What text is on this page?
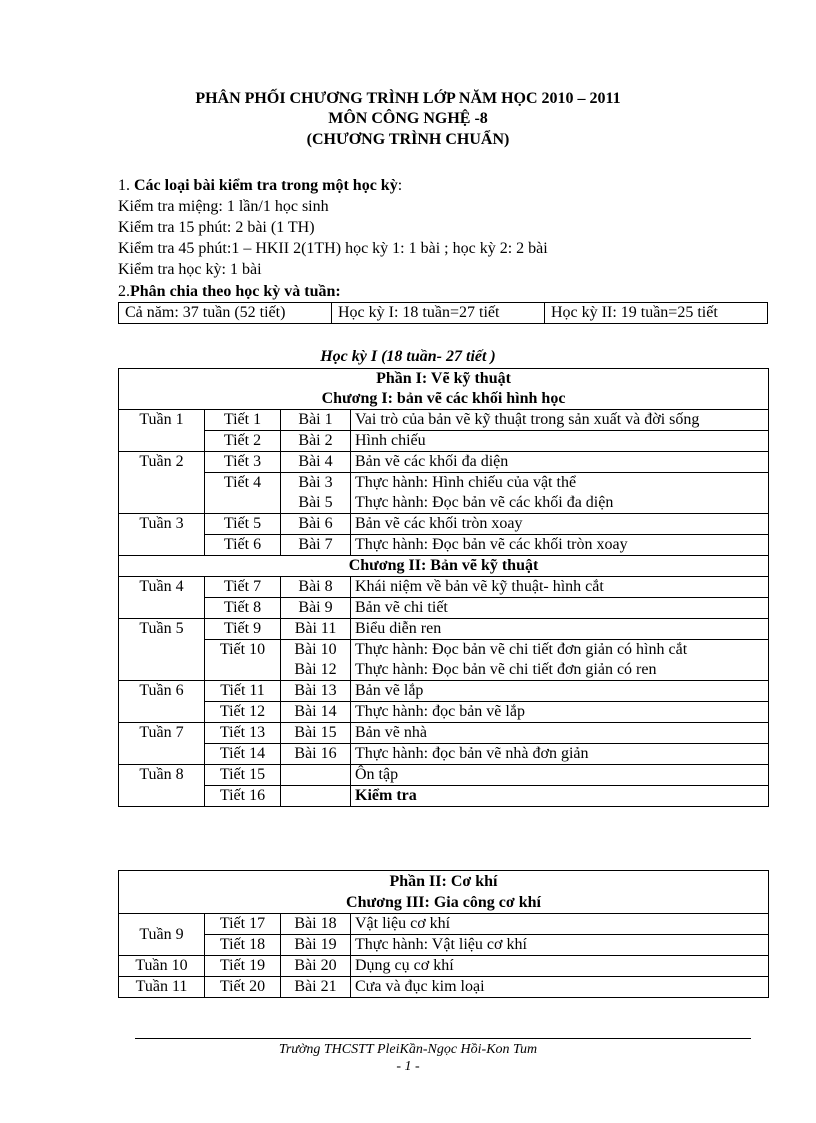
PHÂN PHỐI CHƯƠNG TRÌNH LỚP NĂM HỌC 2010 – 2011
MÔN CÔNG NGHỆ -8
(CHƯƠNG TRÌNH CHUẨN)
1. Các loại bài kiểm tra trong một học kỳ:
Kiểm tra miệng: 1 lần/1 học sinh
Kiểm tra 15 phút: 2 bài (1 TH)
Kiểm tra 45 phút:1 – HKII 2(1TH) học kỳ 1: 1 bài ; học kỳ 2: 2 bài
Kiểm tra học kỳ: 1 bài
2.Phân chia theo học kỳ và tuần:
Cả năm: 37 tuần (52 tiết)	Học kỳ I: 18 tuần=27 tiết	Học kỳ II: 19 tuần=25 tiết
Học kỳ I (18 tuần- 27 tiết )
Phần I: Vẽ kỹ thuật			
Chương I: bản vẽ các khối hình học			
Tuần 1	Tiết 1	Bài 1	Vai trò của bản vẽ kỹ thuật trong sản xuất và đời sống
	Tiết 2	Bài 2	Hình chiếu
Tuần 2	Tiết 3	Bài 4	Bản vẽ các khối đa diện
	Tiết 4	Bài 3	Thực hành: Hình chiếu của vật thể
		Bài 5	Thực hành: Đọc bản vẽ các khối đa diện
Tuần 3	Tiết 5	Bài 6	Bản vẽ các khối tròn xoay
	Tiết 6	Bài 7	Thực hành: Đọc bản vẽ các khối tròn xoay
Chương II: Bản vẽ kỹ thuật			
Tuần 4	Tiết 7	Bài 8	Khái niệm về bản vẽ kỹ thuật- hình cắt
	Tiết 8	Bài 9	Bản vẽ chi tiết
Tuần 5	Tiết 9	Bài 11	Biểu diễn ren
	Tiết 10	Bài 10	Thực hành: Đọc bản vẽ chi tiết đơn giản có hình cắt
		Bài 12	Thực hành: Đọc bản vẽ chi tiết đơn giản có ren
Tuần 6	Tiết 11	Bài 13	Bản vẽ lắp
	Tiết 12	Bài 14	Thực hành: đọc bản vẽ lắp
Tuần 7	Tiết 13	Bài 15	Bản vẽ nhà
	Tiết 14	Bài 16	Thực hành: đọc bản vẽ nhà đơn giản
Tuần 8	Tiết 15		Ôn tập
	Tiết 16		Kiểm tra
Phần II: Cơ khí			
Chương III: Gia công cơ khí			
Tuần 9	Tiết 17	Bài 18	Vật liệu cơ khí
	Tiết 18	Bài 19	Thực hành: Vật liệu cơ khí
Tuần 10	Tiết 19	Bài 20	Dụng cụ cơ khí
Tuần 11	Tiết 20	Bài 21	Cưa và đục kim loại
Trường THCSTT PleiKần-Ngọc Hồi-Kon Tum
- 1 -
